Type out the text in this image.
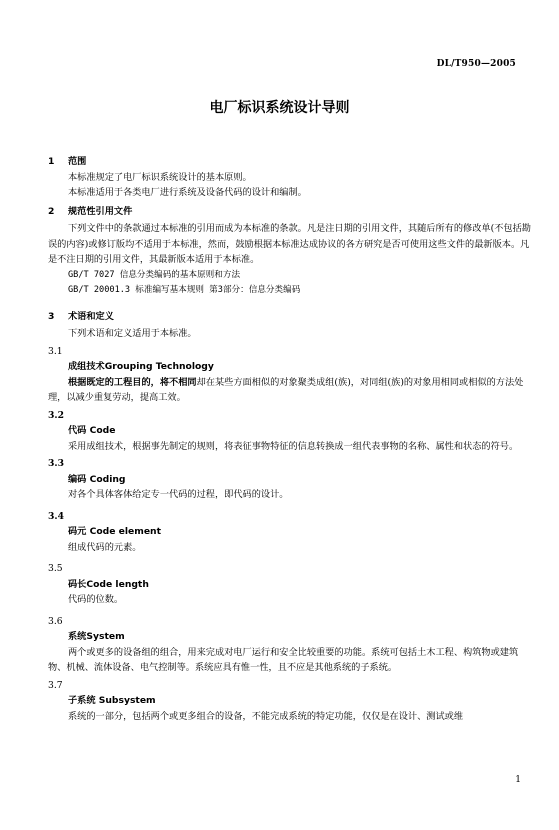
DL/T950—2005
电厂标识系统设计导则
1 范围

本标准规定了电厂标识系统设计的基本原则。

本标准适用于各类电厂进行系统及设备代码的设计和编制。

2 规范性引用文件

下列文件中的条款通过本标准的引用而成为本标准的条款。凡是注日期的引用文件，其随后所有的修改单(不包括勘误的内容)或修订版均不适用于本标准，然而，鼓励根据本标准达成协议的各方研究是否可使用这些文件的最新版本。凡是不注日期的引用文件，其最新版本适用于本标准。

GB/T 7027 信息分类编码的基本原则和方法
GB/T 20001.3 标准编写基本规则 第3部分：信息分类编码
3 术语和定义

下列术语和定义适用于本标准。

3.1
成组技术Grouping Technology

根据既定的工程目的，将不相同却在某些方面相似的对象聚类成组(族)，对同组(族)的对象用相同或相似的方法处理，以减少重复劳动，提高工效。

3.2
代码 Code

采用成组技术，根据事先制定的规则，将表征事物特征的信息转换成一组代表事物的名称、属性和状态的符号。

3.3
编码 Coding

对各个具体客体给定专一代码的过程，即代码的设计。

3.4
码元 Code element

组成代码的元素。

3.5
码长Code length

代码的位数。

3.6
系统System

两个或更多的设备组的组合，用来完成对电厂运行和安全比较重要的功能。系统可包括土木工程、构筑物或建筑物、机械、流体设备、电气控制等。系统应具有惟一性，且不应是其他系统的子系统。

3.7
子系统 Subsystem

系统的一部分，包括两个或更多组合的设备，不能完成系统的特定功能，仅仅是在设计、测试或维

1
